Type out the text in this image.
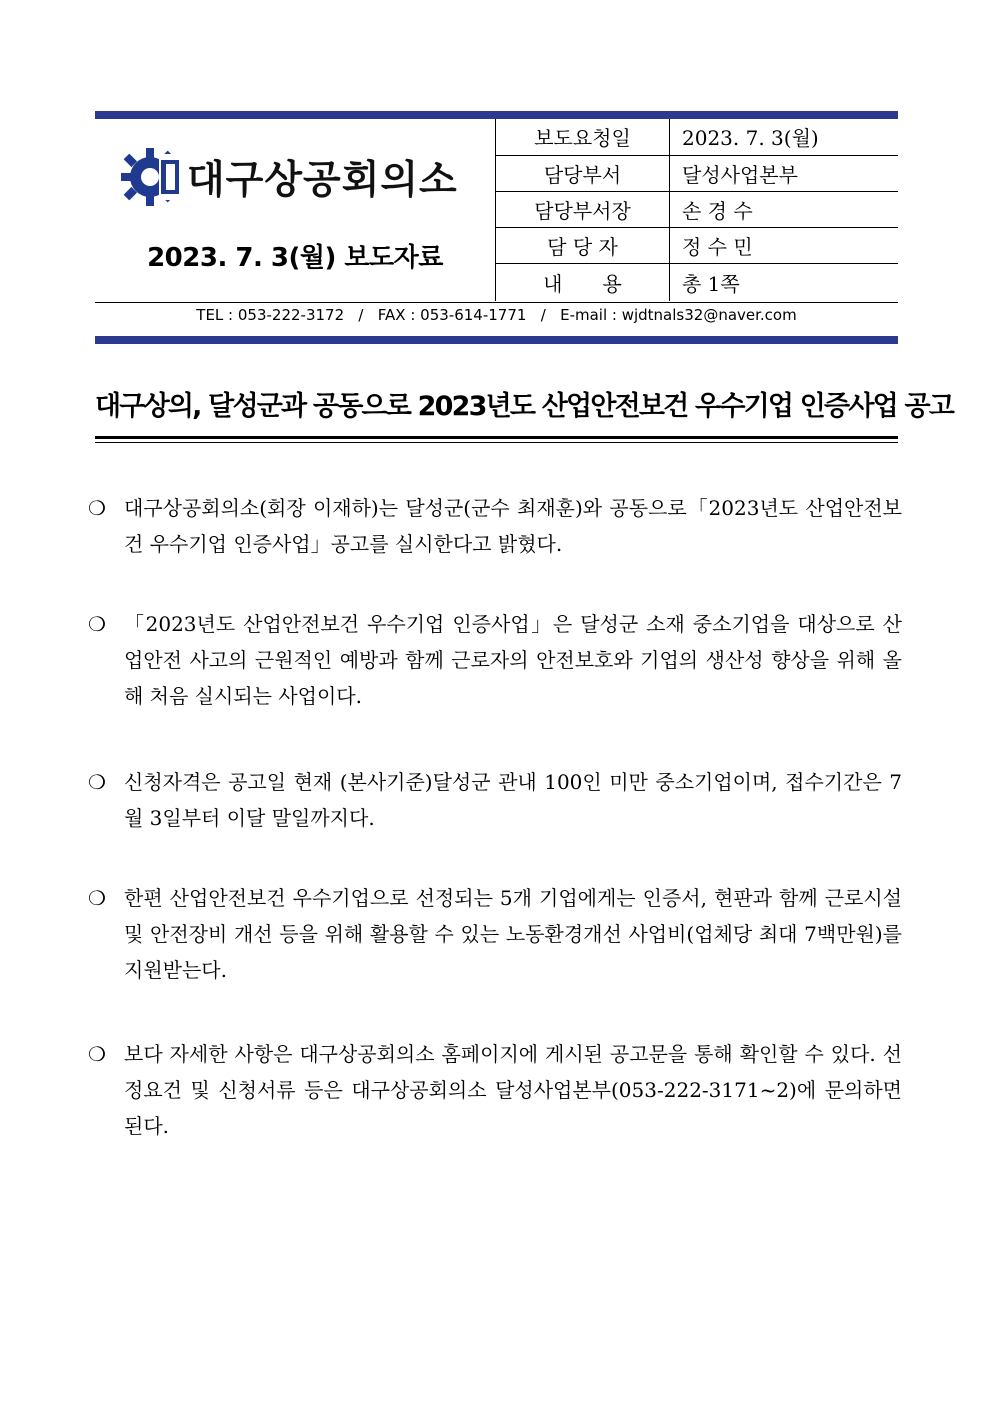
대구상공회의소
2023. 7. 3(월) 보도자료
보도요청일	2023. 7. 3(월)
담당부서	달성사업본부
담당부서장	손 경 수
담 당 자	정 수 민
내　　용	총 1쪽
TEL : 053-222-3172   /   FAX : 053-614-1771   /   E-mail : wjdtnals32@naver.com
대구상의, 달성군과 공동으로 2023년도 산업안전보건 우수기업 인증사업 공고
❍ 대구상공회의소(회장 이재하)는 달성군(군수 최재훈)와 공동으로「2023년도 산업안전보건 우수기업 인증사업」공고를 실시한다고 밝혔다.
❍ 「2023년도 산업안전보건 우수기업 인증사업」은 달성군 소재 중소기업을 대상으로 산업안전 사고의 근원적인 예방과 함께 근로자의 안전보호와 기업의 생산성 향상을 위해 올해 처음 실시되는 사업이다.
❍ 신청자격은 공고일 현재 (본사기준)달성군 관내 100인 미만 중소기업이며, 접수기간은 7월 3일부터 이달 말일까지다.
❍ 한편 산업안전보건 우수기업으로 선정되는 5개 기업에게는 인증서, 현판과 함께 근로시설 및 안전장비 개선 등을 위해 활용할 수 있는 노동환경개선 사업비(업체당 최대 7백만원)를 지원받는다.
❍ 보다 자세한 사항은 대구상공회의소 홈페이지에 게시된 공고문을 통해 확인할 수 있다. 선정요건 및 신청서류 등은 대구상공회의소 달성사업본부(053-222-3171~2)에 문의하면 된다.
